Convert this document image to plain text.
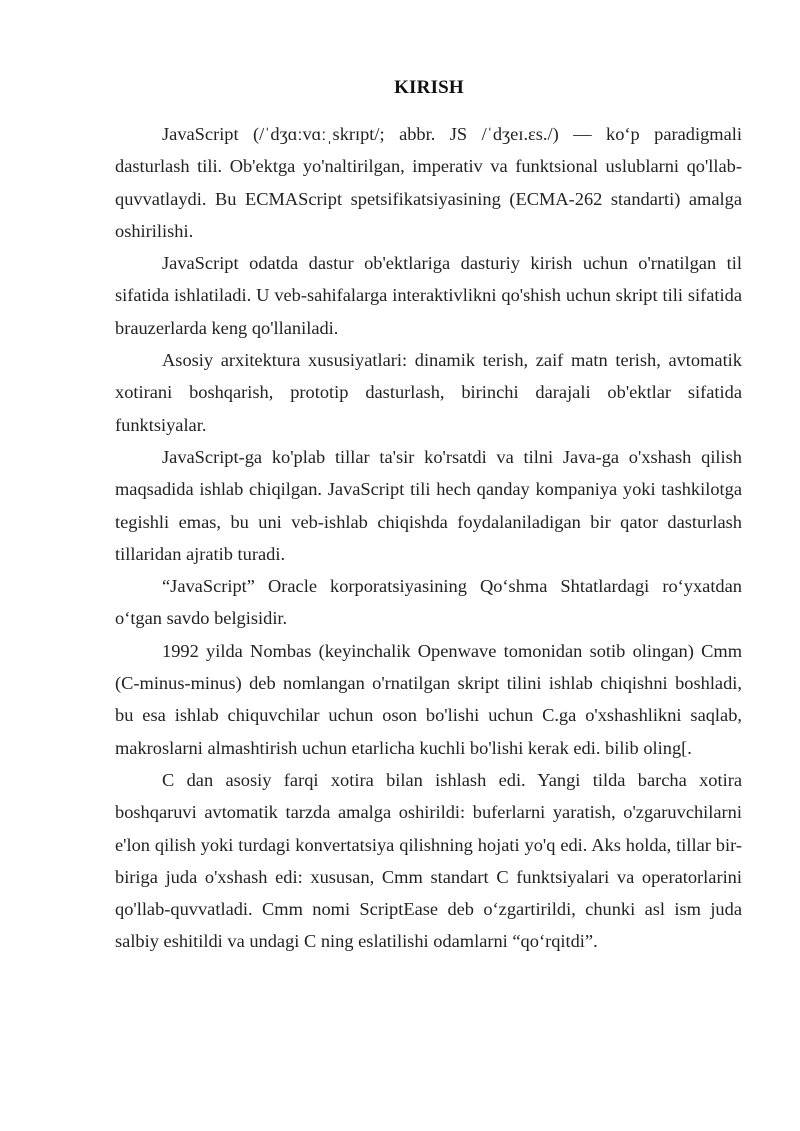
KIRISH

JavaScript (/ˈdʒɑːvɑːˌskrɪpt/; abbr. JS /ˈdʒeɪ.ɛs./) — ko‘p paradigmali dasturlash tili. Ob'ektga yo'naltirilgan, imperativ va funktsional uslublarni qo'llab-quvvatlaydi. Bu ECMAScript spetsifikatsiyasining (ECMA-262 standarti) amalga oshirilishi.

JavaScript odatda dastur ob'ektlariga dasturiy kirish uchun o'rnatilgan til sifatida ishlatiladi. U veb-sahifalarga interaktivlikni qo'shish uchun skript tili sifatida brauzerlarda keng qo'llaniladi.

Asosiy arxitektura xususiyatlari: dinamik terish, zaif matn terish, avtomatik xotirani boshqarish, prototip dasturlash, birinchi darajali ob'ektlar sifatida funktsiyalar.

JavaScript-ga ko'plab tillar ta'sir ko'rsatdi va tilni Java-ga o'xshash qilish maqsadida ishlab chiqilgan. JavaScript tili hech qanday kompaniya yoki tashkilotga tegishli emas, bu uni veb-ishlab chiqishda foydalaniladigan bir qator dasturlash tillaridan ajratib turadi.

“JavaScript” Oracle korporatsiyasining Qo‘shma Shtatlardagi ro‘yxatdan o‘tgan savdo belgisidir.

1992 yilda Nombas (keyinchalik Openwave tomonidan sotib olingan) Cmm (C-minus-minus) deb nomlangan o'rnatilgan skript tilini ishlab chiqishni boshladi, bu esa ishlab chiquvchilar uchun oson bo'lishi uchun C.ga o'xshashlikni saqlab, makroslarni almashtirish uchun etarlicha kuchli bo'lishi kerak edi. bilib oling[.

C dan asosiy farqi xotira bilan ishlash edi. Yangi tilda barcha xotira boshqaruvi avtomatik tarzda amalga oshirildi: buferlarni yaratish, o'zgaruvchilarni e'lon qilish yoki turdagi konvertatsiya qilishning hojati yo'q edi. Aks holda, tillar bir-biriga juda o'xshash edi: xususan, Cmm standart C funktsiyalari va operatorlarini qo'llab-quvvatladi. Cmm nomi ScriptEase deb o‘zgartirildi, chunki asl ism juda salbiy eshitildi va undagi C ning eslatilishi odamlarni “qo‘rqitdi”.
